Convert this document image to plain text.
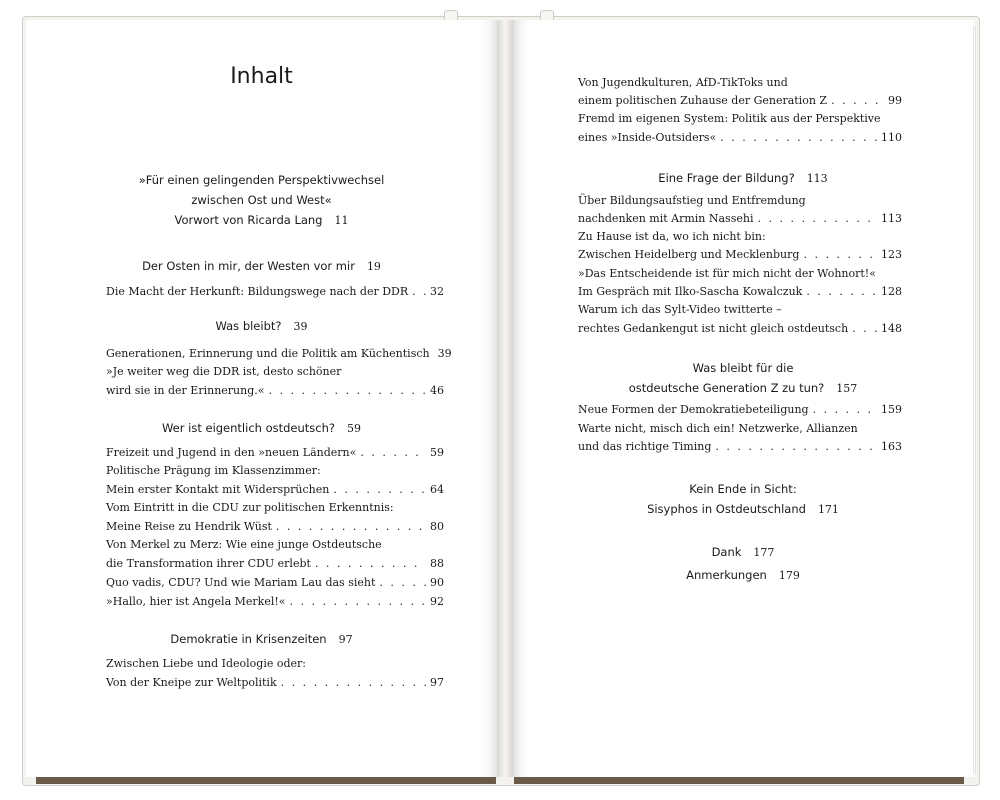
Inhalt
»Für einen gelingenden Perspektivwechsel
zwischen Ost und West«
Vorwort von Ricarda Lang 11
Der Osten in mir, der Westen vor mir 19
Die Macht der Herkunft: Bildungswege nach der DDR . . . 32
Was bleibt? 39
Generationen, Erinnerung und die Politik am Küchentisch 39
»Je weiter weg die DDR ist, desto schöner
wird sie in der Erinnerung.« . . .	46
Wer ist eigentlich ostdeutsch? 59
Freizeit und Jugend in den »neuen Ländern« . . .	59
Politische Prägung im Klassenzimmer:
Mein erster Kontakt mit Widersprüchen . . .	64
Vom Eintritt in die CDU zur politischen Erkenntnis:
Meine Reise zu Hendrik Wüst . . .	80
Von Merkel zu Merz: Wie eine junge Ostdeutsche
die Transformation ihrer CDU erlebt . . .	88
Quo vadis, CDU? Und wie Mariam Lau das sieht . . .	90
»Hallo, hier ist Angela Merkel!« . . .	92
Demokratie in Krisenzeiten 97
Zwischen Liebe und Ideologie oder:
Von der Kneipe zur Weltpolitik . . .	97
Von Jugendkulturen, AfD-TikToks und
einem politischen Zuhause der Generation Z . . .	99
Fremd im eigenen System: Politik aus der Perspektive
eines »Inside-Outsiders« . . .	110
Eine Frage der Bildung? 113
Über Bildungsaufstieg und Entfremdung
nachdenken mit Armin Nassehi . . .	113
Zu Hause ist da, wo ich nicht bin:
Zwischen Heidelberg und Mecklenburg . . .	123
»Das Entscheidende ist für mich nicht der Wohnort!«
Im Gespräch mit Ilko-Sascha Kowalczuk . . .	128
Warum ich das Sylt-Video twitterte –
rechtes Gedankengut ist nicht gleich ostdeutsch . . .	148
Was bleibt für die
ostdeutsche Generation Z zu tun? 157
Neue Formen der Demokratiebeteiligung . . .	159
Warte nicht, misch dich ein! Netzwerke, Allianzen
und das richtige Timing . . .	163
Kein Ende in Sicht:
Sisyphos in Ostdeutschland 171
Dank 177
Anmerkungen 179
